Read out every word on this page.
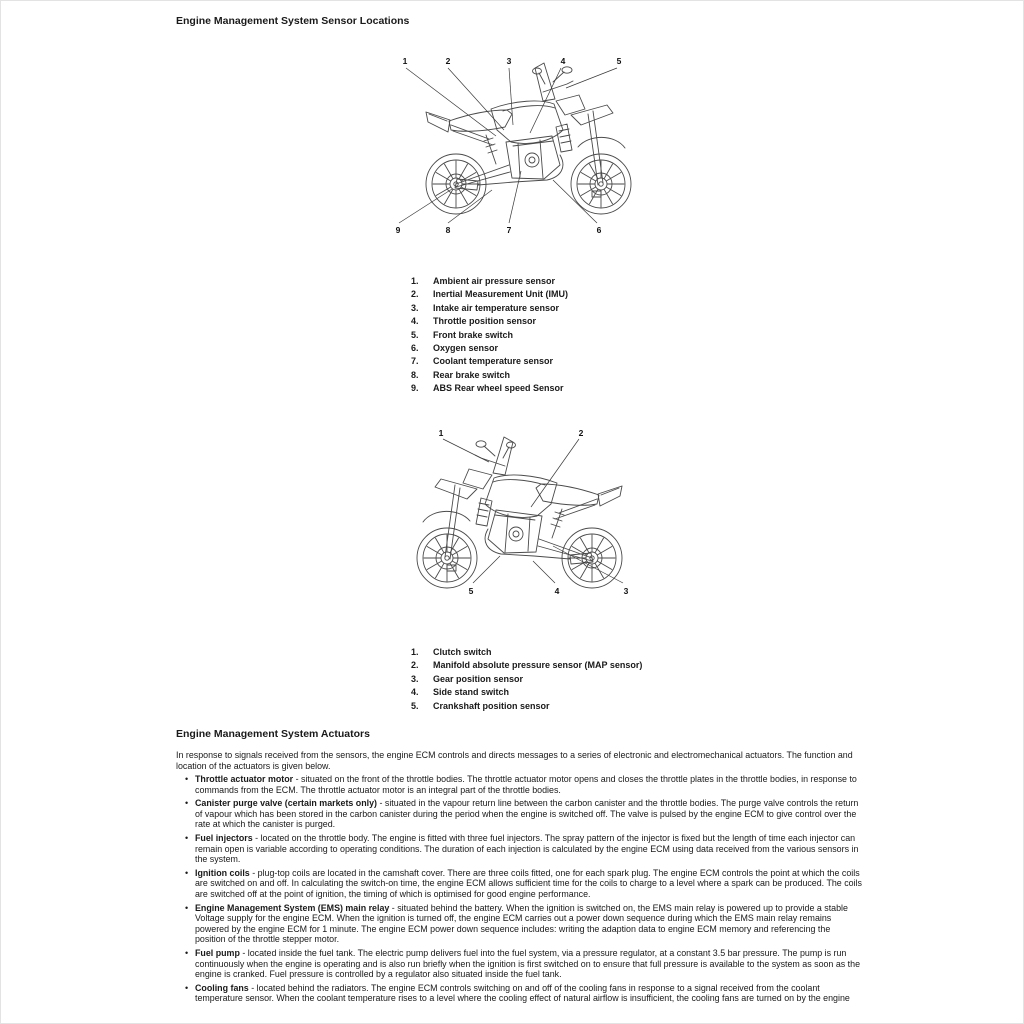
Engine Management System Sensor Locations
1	2	3	4	5
9	8	7	6
1.	Ambient air pressure sensor
2.	Inertial Measurement Unit (IMU)
3.	Intake air temperature sensor
4.	Throttle position sensor
5.	Front brake switch
6.	Oxygen sensor
7.	Coolant temperature sensor
8.	Rear brake switch
9.	ABS Rear wheel speed Sensor
1	2
5	4	3
1.	Clutch switch
2.	Manifold absolute pressure sensor (MAP sensor)
3.	Gear position sensor
4.	Side stand switch
5.	Crankshaft position sensor
Engine Management System Actuators
In response to signals received from the sensors, the engine ECM controls and directs messages to a series of electronic and electromechanical actuators. The function and location of the actuators is given below.
• Throttle actuator motor - situated on the front of the throttle bodies. The throttle actuator motor opens and closes the throttle plates in the throttle bodies, in response to commands from the ECM. The throttle actuator motor is an integral part of the throttle bodies.
• Canister purge valve (certain markets only) - situated in the vapour return line between the carbon canister and the throttle bodies. The purge valve controls the return of vapour which has been stored in the carbon canister during the period when the engine is switched off. The valve is pulsed by the engine ECM to give control over the rate at which the canister is purged.
• Fuel injectors - located on the throttle body. The engine is fitted with three fuel injectors. The spray pattern of the injector is fixed but the length of time each injector can remain open is variable according to operating conditions. The duration of each injection is calculated by the engine ECM using data received from the various sensors in the system.
• Ignition coils - plug-top coils are located in the camshaft cover. There are three coils fitted, one for each spark plug. The engine ECM controls the point at which the coils are switched on and off. In calculating the switch-on time, the engine ECM allows sufficient time for the coils to charge to a level where a spark can be produced. The coils are switched off at the point of ignition, the timing of which is optimised for good engine performance.
• Engine Management System (EMS) main relay - situated behind the battery. When the ignition is switched on, the EMS main relay is powered up to provide a stable Voltage supply for the engine ECM. When the ignition is turned off, the engine ECM carries out a power down sequence during which the EMS main relay remains powered by the engine ECM for 1 minute. The engine ECM power down sequence includes: writing the adaption data to engine ECM memory and referencing the position of the throttle stepper motor.
• Fuel pump - located inside the fuel tank. The electric pump delivers fuel into the fuel system, via a pressure regulator, at a constant 3.5 bar pressure. The pump is run continuously when the engine is operating and is also run briefly when the ignition is first switched on to ensure that full pressure is available to the system as soon as the engine is cranked. Fuel pressure is controlled by a regulator also situated inside the fuel tank.
• Cooling fans - located behind the radiators. The engine ECM controls switching on and off of the cooling fans in response to a signal received from the coolant temperature sensor. When the coolant temperature rises to a level where the cooling effect of natural airflow is insufficient, the cooling fans are turned on by the engine
